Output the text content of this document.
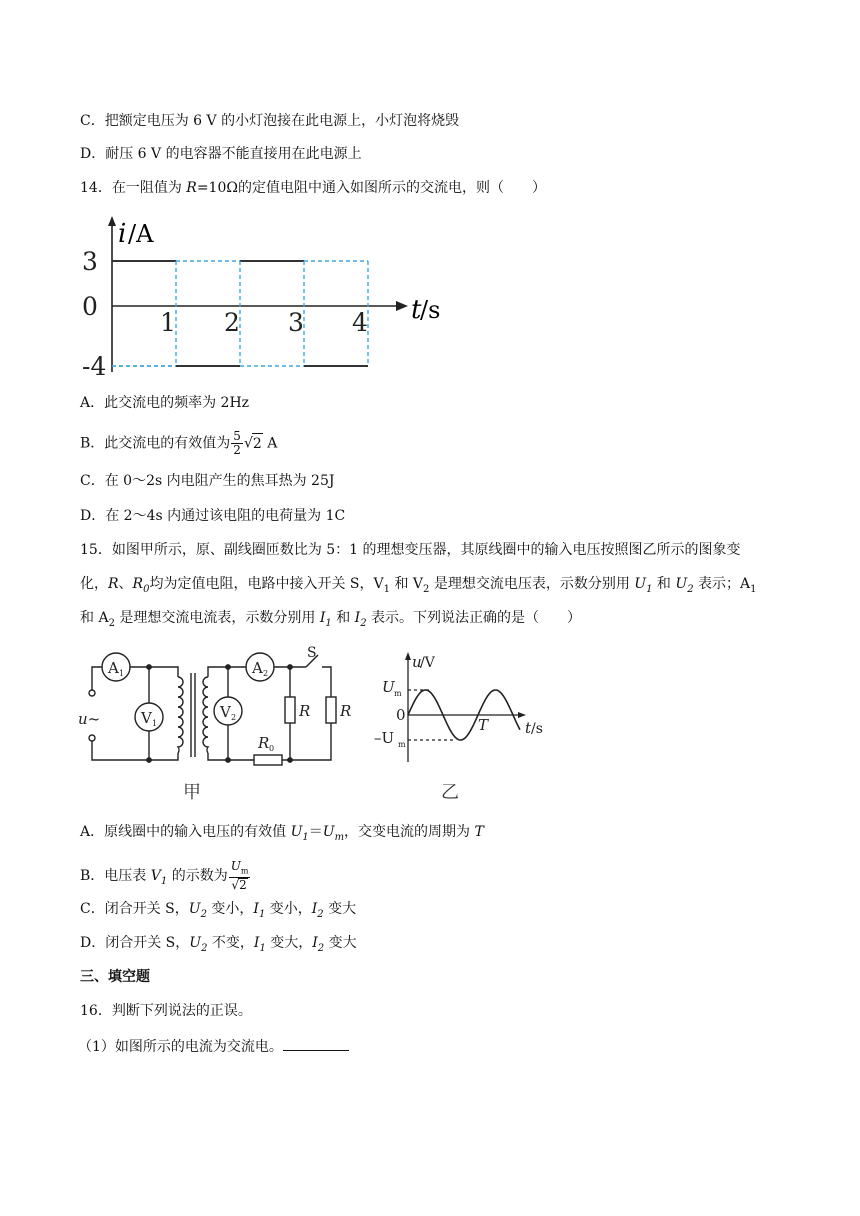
C．把额定电压为 6 V 的小灯泡接在此电源上，小灯泡将烧毁
D．耐压 6 V 的电容器不能直接用在此电源上
14．在一阻值为 R=10Ω的定值电阻中通入如图所示的交流电，则（　　）
3
0
-4
1 2 3 4
i /A
t
/s
A．此交流电的频率为 2Hz
B．此交流电的有效值为 $\frac{5}{2} √2$ A
C．在 0～2s 内电阻产生的焦耳热为 25J
D．在 2～4s 内通过该电阻的电荷量为 1C
15．如图甲所示，原、副线圈匝数比为 5：1 的理想变压器，其原线圈中的输入电压按照图乙所示的图象变
化，R、$R_0$均为定值电阻，电路中接入开关 S，$V_1$ 和 $V_2$ 是理想交流电压表，示数分别用 $U_1$ 和 $U_2$ 表示；$A_1$
和 $A_2$ 是理想交流电流表，示数分别用 $I_1$ 和 $I_2$ 表示。下列说法正确的是（　　）
u~
A 1
V 1
V 2
A 2
S
R R
R 0
甲
u
/V
U m
0
–U m
T t /s
乙
A．原线圈中的输入电压的有效值 $U_1=U_m$，交变电流的周期为 T
B．电压表 $V_1$ 的示数为 $\frac{U_m}{√2}$
C．闭合开关 S，$U_2$ 变小，$I_1$ 变小，$I_2$ 变大
D．闭合开关 S，$U_2$ 不变，$I_1$ 变大，$I_2$ 变大
三、填空题
16．判断下列说法的正误。
（1）如图所示的电流为交流电。
